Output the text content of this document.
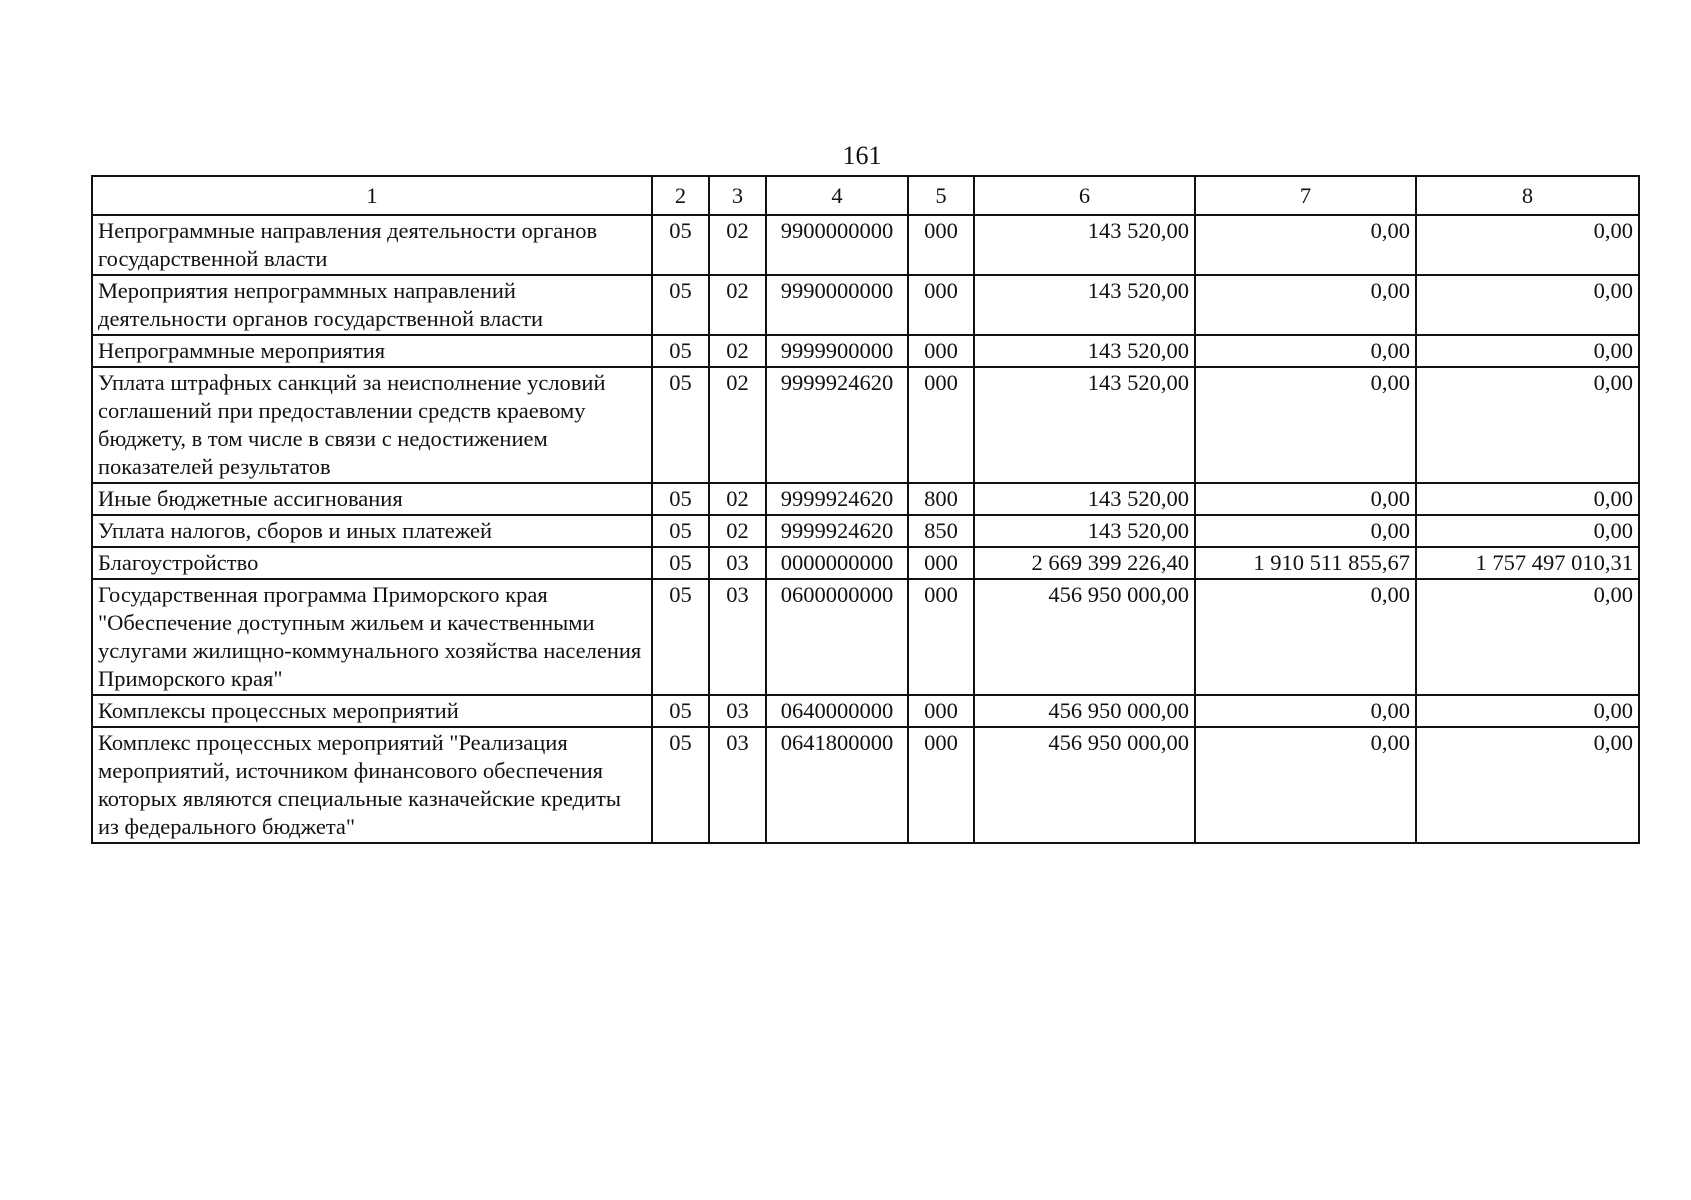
161
1	2	3	4	5	6	7	8
Непрограммные направления деятельности органов государственной власти	05	02	9900000000	000	143 520,00	0,00	0,00
Мероприятия непрограммных направлений деятельности органов государственной власти	05	02	9990000000	000	143 520,00	0,00	0,00
Непрограммные мероприятия	05	02	9999900000	000	143 520,00	0,00	0,00
Уплата штрафных санкций за неисполнение условий соглашений при предоставлении средств краевому бюджету, в том числе в связи с недостижением показателей результатов	05	02	9999924620	000	143 520,00	0,00	0,00
Иные бюджетные ассигнования	05	02	9999924620	800	143 520,00	0,00	0,00
Уплата налогов, сборов и иных платежей	05	02	9999924620	850	143 520,00	0,00	0,00
Благоустройство	05	03	0000000000	000	2 669 399 226,40	1 910 511 855,67	1 757 497 010,31
Государственная программа Приморского края "Обеспечение доступным жильем и качественными услугами жилищно-коммунального хозяйства населения Приморского края"	05	03	0600000000	000	456 950 000,00	0,00	0,00
Комплексы процессных мероприятий	05	03	0640000000	000	456 950 000,00	0,00	0,00
Комплекс процессных мероприятий "Реализация мероприятий, источником финансового обеспечения которых являются специальные казначейские кредиты из федерального бюджета"	05	03	0641800000	000	456 950 000,00	0,00	0,00
